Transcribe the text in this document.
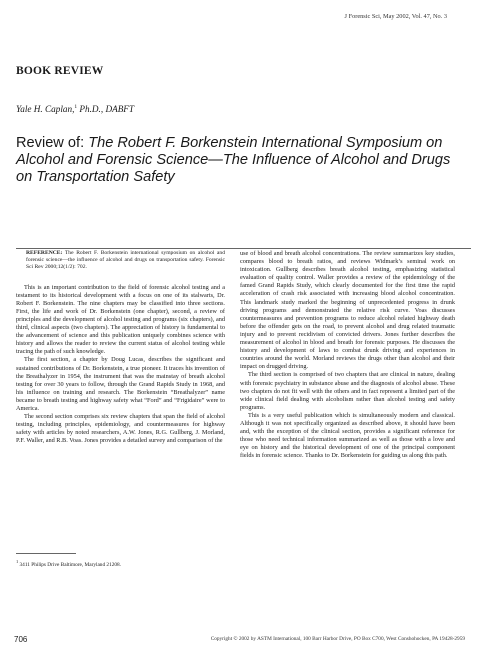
J Forensic Sci, May 2002, Vol. 47, No. 3
BOOK REVIEW
Yale H. Caplan,$^1$ Ph.D., DABFT
Review of: The Robert F. Borkenstein International Symposium on Alcohol and Forensic Science—The Influence of Alcohol and Drugs on Transportation Safety

REFERENCE: The Robert F. Borkenstein international symposium on alcohol and forensic science—the influence of alcohol and drugs on transportation safety. Forensic Sci Rev 2000;12(1/2): 702.

This is an important contribution to the field of forensic alcohol testing and a testament to its historical development with a focus on one of its stalwarts, Dr. Robert F. Borkenstein. The nine chapters may be classified into three sections. First, the life and work of Dr. Borkenstein (one chapter), second, a review of principles and the development of alcohol testing and programs (six chapters), and third, clinical aspects (two chapters). The appreciation of history is fundamental to the advancement of science and this publication uniquely combines science with history and allows the reader to review the current status of alcohol testing while tracing the path of such knowledge.

The first section, a chapter by Doug Lucas, describes the significant and sustained contributions of Dr. Borkenstein, a true pioneer. It traces his invention of the Breathalyzer in 1954, the instrument that was the mainstay of breath alcohol testing for over 30 years to follow, through the Grand Rapids Study in 1968, and his influence on training and research. The Borkenstein “Breathalyzer” name became to breath testing and highway safety what “Ford” and “Frigidaire” were to America.

The second section comprises six review chapters that span the field of alcohol testing, including principles, epidemiology, and countermeasures for highway safety with articles by noted researchers, A.W. Jones, R.G. Gullberg, J. Morland, P.F. Waller, and R.B. Voas. Jones provides a detailed survey and comparison of the

use of blood and breath alcohol concentrations. The review summarizes key studies, compares blood to breath ratios, and reviews Widmark’s seminal work on intoxication. Gullberg describes breath alcohol testing, emphasizing statistical evaluation of quality control. Waller provides a review of the epidemiology of the famed Grand Rapids Study, which clearly documented for the first time the rapid acceleration of crash risk associated with increasing blood alcohol concentration. This landmark study marked the beginning of unprecedented progress in drunk driving programs and demonstrated the relative risk curve. Voas discusses countermeasures and prevention programs to reduce alcohol related highway death before the offender gets on the road, to prevent alcohol and drug related traumatic injury and to prevent recidivism of convicted drivers. Jones further describes the measurement of alcohol in blood and breath for forensic purposes. He discusses the history and development of laws to combat drunk driving and experiences in countries around the world. Morland reviews the drugs other than alcohol and their impact on drugged driving.

The third section is comprised of two chapters that are clinical in nature, dealing with forensic psychiatry in substance abuse and the diagnosis of alcohol abuse. These two chapters do not fit well with the others and in fact represent a limited part of the wide clinical field dealing with alcoholism rather than alcohol testing and safety programs.

This is a very useful publication which is simultaneously modern and classical. Although it was not specifically organized as described above, it should have been and, with the exception of the clinical section, provides a significant reference for those who need technical information summarized as well as those with a love and eye on history and the historical development of one of the principal component fields in forensic science. Thanks to Dr. Borkenstein for guiding us along this path.

$^1$ 3411 Philips Drive Baltimore, Maryland 21208.
706	Copyright © 2002 by ASTM International, 100 Barr Harbor Drive, PO Box C700, West Conshohocken, PA 19428-2959
